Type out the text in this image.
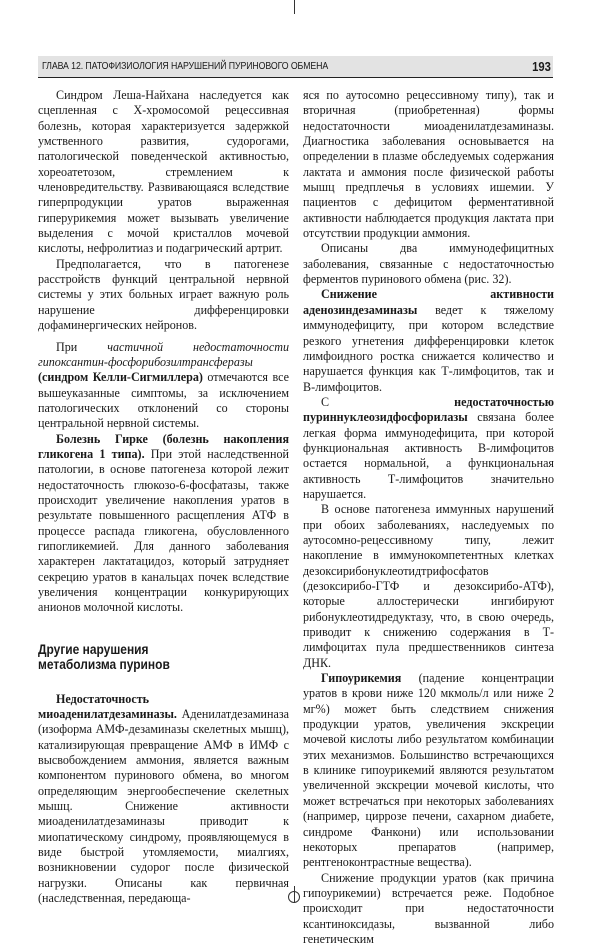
ГЛАВА 12. ПАТОФИЗИОЛОГИЯ НАРУШЕНИЙ ПУРИНОВОГО ОБМЕНА	193

Синдром Леша-Найхана наследуется как сцепленная с Х-хромосомой рецессивная болезнь, которая характеризуется задержкой умственного развития, судорогами, патологической поведенческой активностью, хореоатетозом, стремлением к членовредительству. Развивающаяся вследствие гиперпродукции уратов выраженная гиперурикемия может вызывать увеличение выделения с мочой кристаллов мочевой кислоты, нефролитиаз и подагрический артрит.

Предполагается, что в патогенезе расстройств функций центральной нервной системы у этих больных играет важную роль нарушение дифференцировки дофаминергических нейронов.

При частичной недостаточности гипоксантин-фосфорибозилтрансферазы (синдром Келли-Сигмиллера) отмечаются все вышеуказанные симптомы, за исключением патологических отклонений со стороны центральной нервной системы.

Болезнь Гирке (болезнь накопления гликогена 1 типа). При этой наследственной патологии, в основе патогенеза которой лежит недостаточность глюкозо-6-фосфатазы, также происходит увеличение накопления уратов в результате повышенного расщепления АТФ в процессе распада гликогена, обусловленного гипогликемией. Для данного заболевания характерен лактатацидоз, который затрудняет секрецию уратов в канальцах почек вследствие увеличения концентрации конкурирующих анионов молочной кислоты.

Другие нарушения
метаболизма пуринов

Недостаточность миоаденилатдезаминазы. Аденилатдезаминаза (изоформа АМФ-дезаминазы скелетных мышц), катализирующая превращение АМФ в ИМФ с высвобождением аммония, является важным компонентом пуринового обмена, во многом определяющим энергообеспечение скелетных мышц. Снижение активности миоаденилатдезаминазы приводит к миопатическому синдрому, проявляющемуся в виде быстрой утомляемости, миалгиях, возникновении судорог после физической нагрузки. Описаны как первичная (наследственная, передающа-

яся по аутосомно рецессивному типу), так и вторичная (приобретенная) формы недостаточности миоаденилатдезаминазы. Диагностика заболевания основывается на определении в плазме обследуемых содержания лактата и аммония после физической работы мышц предплечья в условиях ишемии. У пациентов с дефицитом ферментативной активности наблюдается продукция лактата при отсутствии продукции аммония.

Описаны два иммунодефицитных заболевания, связанные с недостаточностью ферментов пуринового обмена (рис. 32).

Снижение активности аденозиндезаминазы ведет к тяжелому иммунодефициту, при котором вследствие резкого угнетения дифференцировки клеток лимфоидного ростка снижается количество и нарушается функция как Т-лимфоцитов, так и В-лимфоцитов.

С недостаточностью пуриннуклеозидфосфорилазы связана более легкая форма иммунодефицита, при которой функциональная активность В-лимфоцитов остается нормальной, а функциональная активность Т-лимфоцитов значительно нарушается.

В основе патогенеза иммунных нарушений при обоих заболеваниях, наследуемых по аутосомно-рецессивному типу, лежит накопление в иммунокомпетентных клетках дезоксирибонуклеотидтрифосфатов (дезоксирибо-ГТФ и дезоксирибо-АТФ), которые аллостерически ингибируют рибонуклеотидредуктазу, что, в свою очередь, приводит к снижению содержания в Т-лимфоцитах пула предшественников синтеза ДНК.

Гипоурикемия (падение концентрации уратов в крови ниже 120 мкмоль/л или ниже 2 мг%) может быть следствием снижения продукции уратов, увеличения экскреции мочевой кислоты либо результатом комбинации этих механизмов. Большинство встречающихся в клинике гипоурикемий являются результатом увеличенной экскреции мочевой кислоты, что может встречаться при некоторых заболеваниях (например, циррозе печени, сахарном диабете, синдроме Фанкони) или использовании некоторых препаратов (например, рентгеноконтрастные вещества).

Снижение продукции уратов (как причина гипоурикемии) встречается реже. Подобное происходит при недостаточности ксантиноксидазы, вызванной либо генетическим
